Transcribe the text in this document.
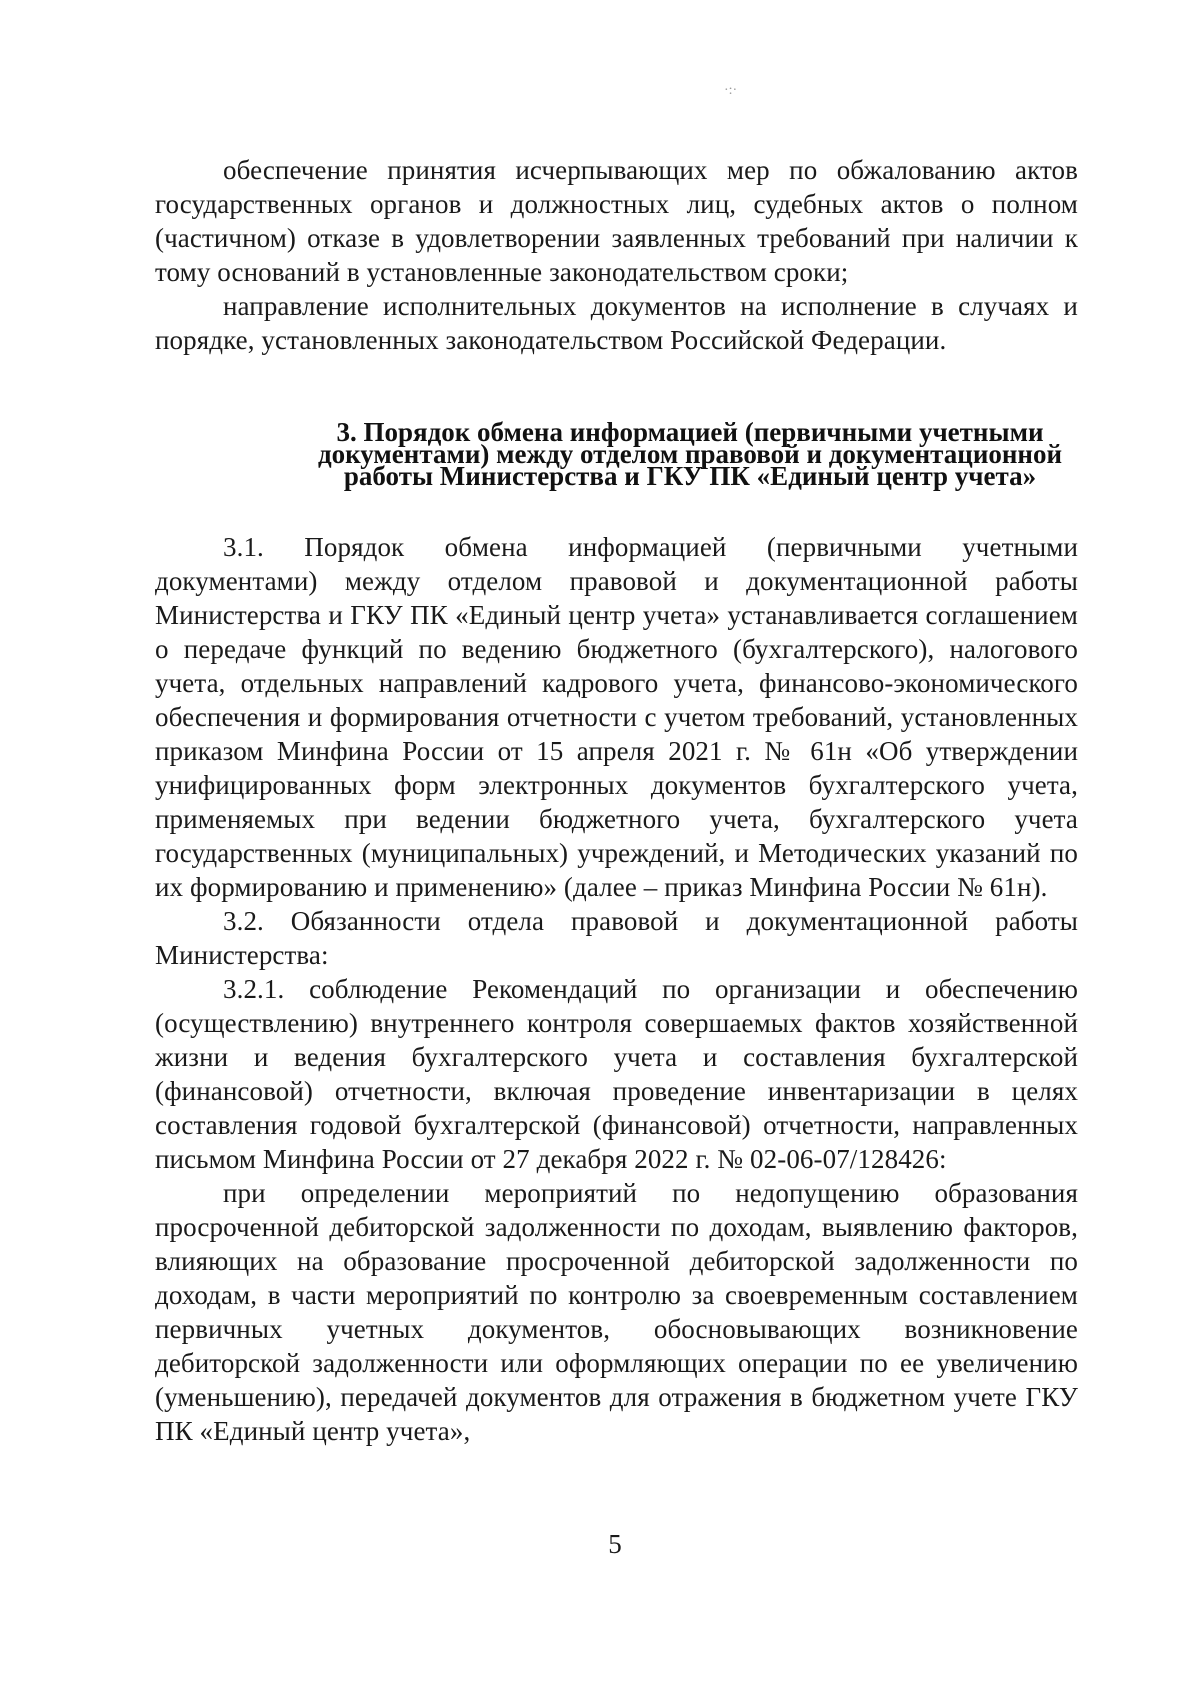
·:·

обеспечение принятия исчерпывающих мер по обжалованию актов государственных органов и должностных лиц, судебных актов о полном (частичном) отказе в удовлетворении заявленных требований при наличии к тому оснований в установленные законодательством сроки;

направление исполнительных документов на исполнение в случаях и порядке, установленных законодательством Российской Федерации.

3. Порядок обмена информацией (первичными учетными
документами) между отделом правовой и документационной
работы Министерства и ГКУ ПК «Единый центр учета»

3.1. Порядок обмена информацией (первичными учетными документами) между отделом правовой и документационной работы Министерства и ГКУ ПК «Единый центр учета» устанавливается соглашением о передаче функций по ведению бюджетного (бухгалтерского), налогового учета, отдельных направлений кадрового учета, финансово-экономического обеспечения и формирования отчетности с учетом требований, установленных приказом Минфина России от 15 апреля 2021 г. № 61н «Об утверждении унифицированных форм электронных документов бухгалтерского учета, применяемых при ведении бюджетного учета, бухгалтерского учета государственных (муниципальных) учреждений, и Методических указаний по их формированию и применению» (далее – приказ Минфина России № 61н).

3.2. Обязанности отдела правовой и документационной работы Министерства:

3.2.1. соблюдение Рекомендаций по организации и обеспечению (осуществлению) внутреннего контроля совершаемых фактов хозяйственной жизни и ведения бухгалтерского учета и составления бухгалтерской (финансовой) отчетности, включая проведение инвентаризации в целях составления годовой бухгалтерской (финансовой) отчетности, направленных письмом Минфина России от 27 декабря 2022 г. № 02-06-07/128426:

при определении мероприятий по недопущению образования просроченной дебиторской задолженности по доходам, выявлению факторов, влияющих на образование просроченной дебиторской задолженности по доходам, в части мероприятий по контролю за своевременным составлением первичных учетных документов, обосновывающих возникновение дебиторской задолженности или оформляющих операции по ее увеличению (уменьшению), передачей документов для отражения в бюджетном учете ГКУ ПК «Единый центр учета»,

5
